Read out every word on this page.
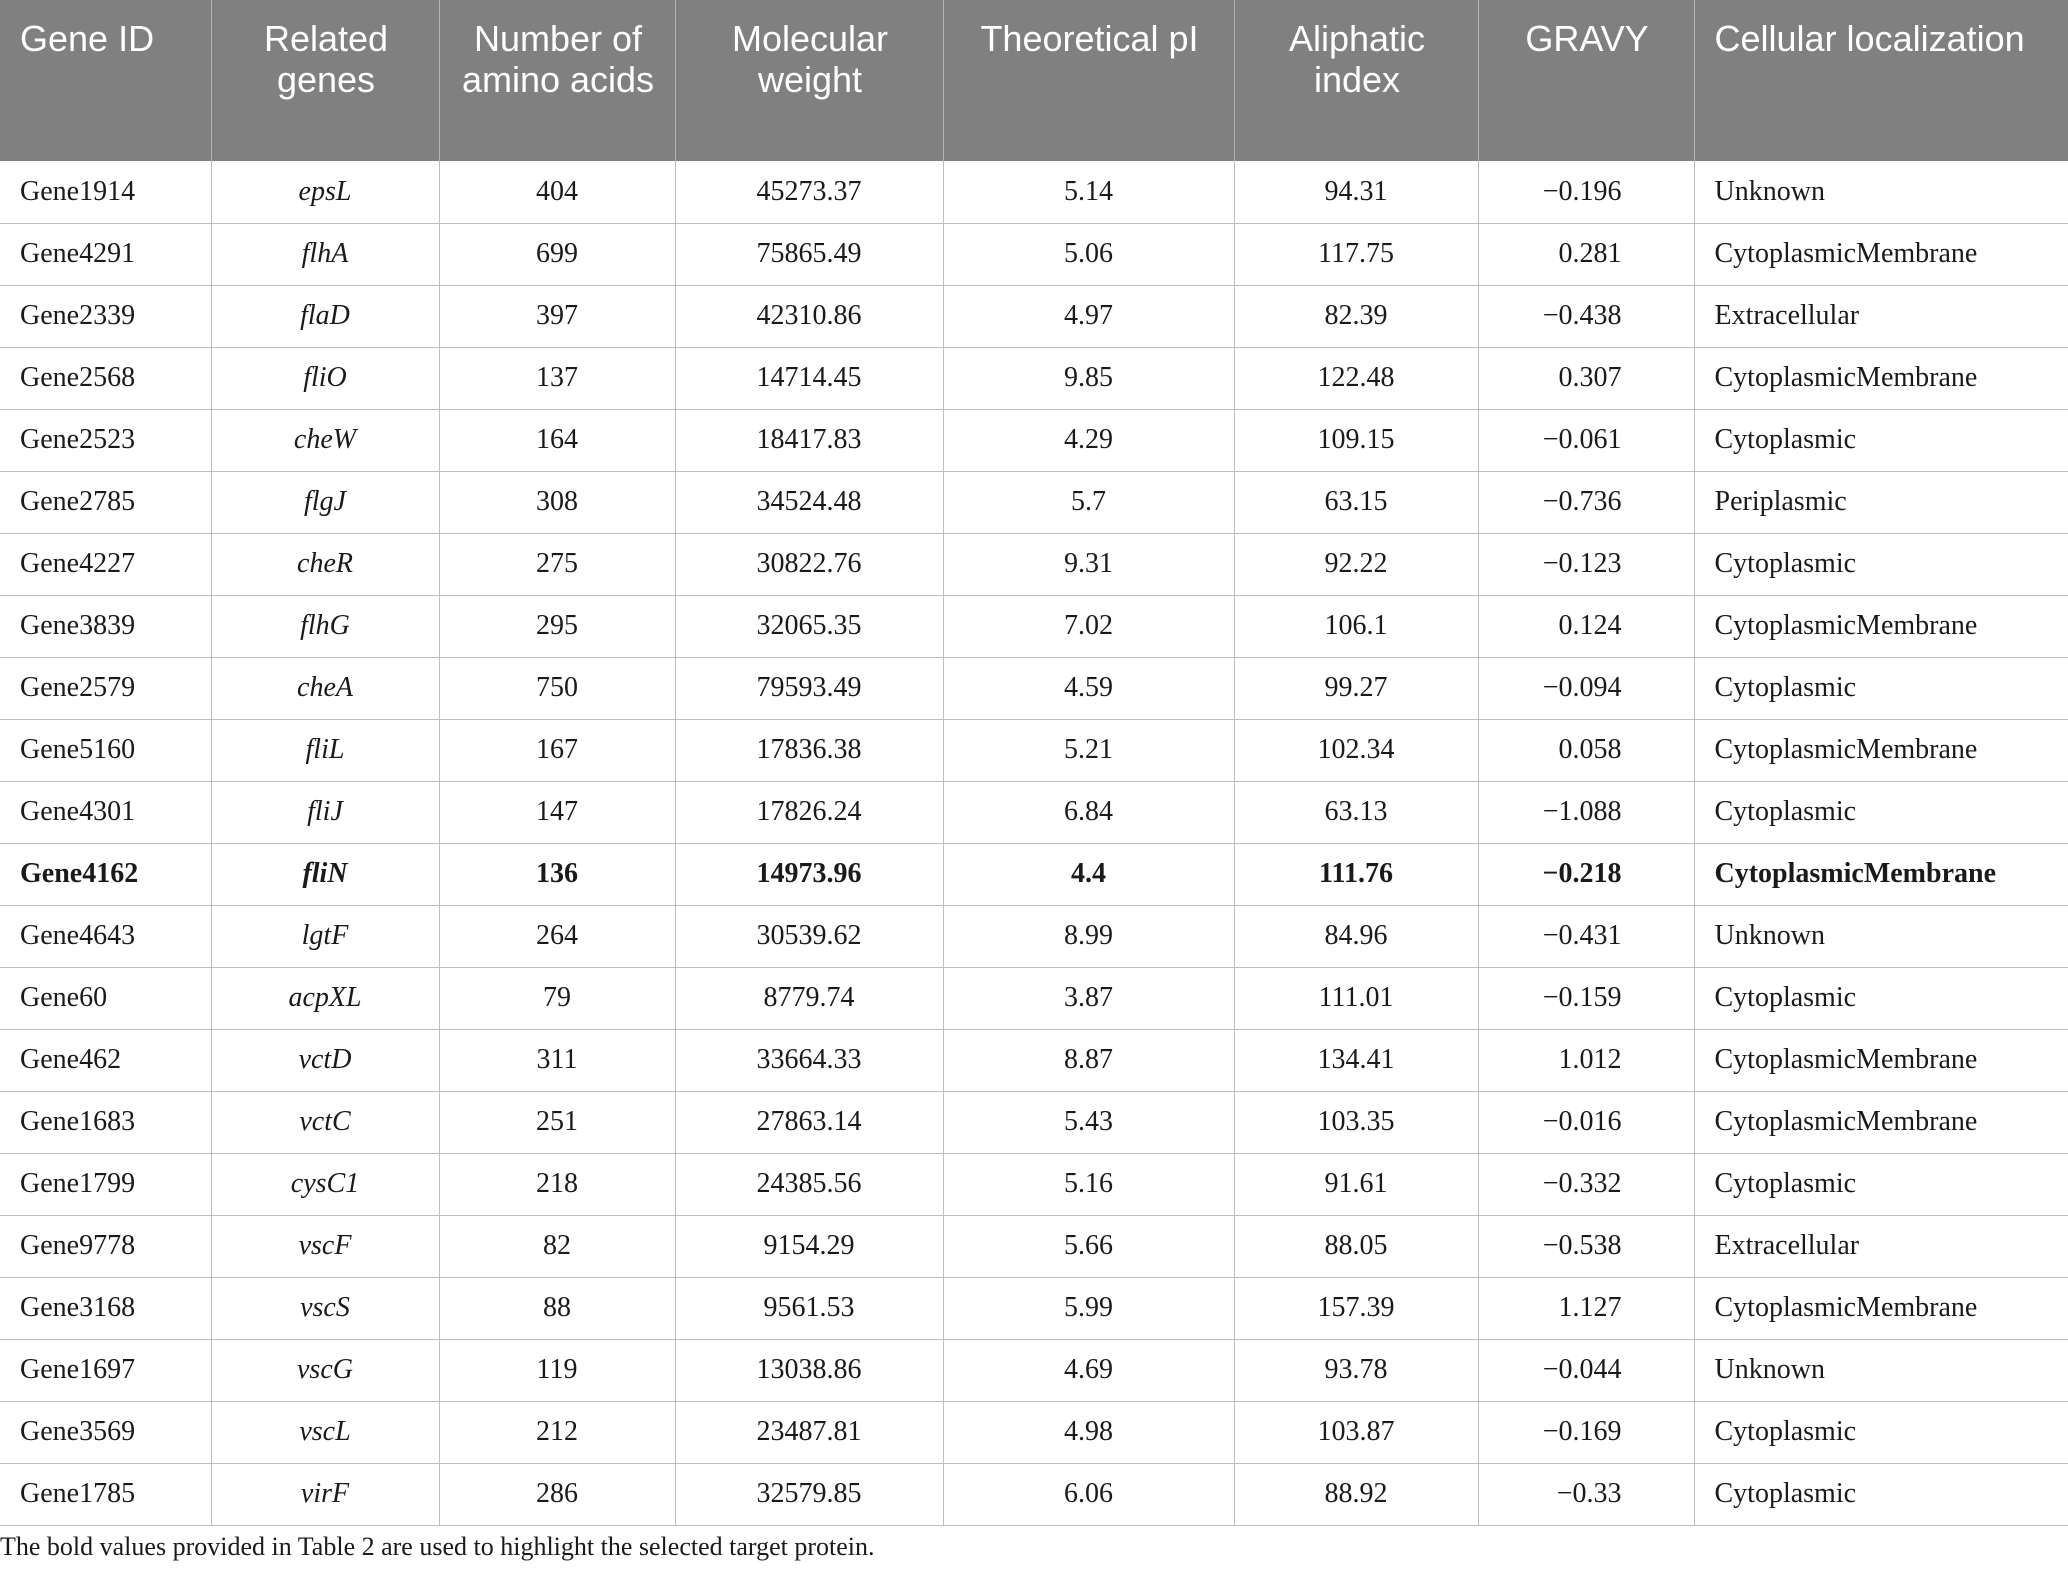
Gene ID	Related genes	Number of amino acids	Molecular weight	Theoretical pI	Aliphatic index	GRAVY	Cellular localization
Gene1914	epsL	404	45273.37	5.14	94.31	−0.196	Unknown
Gene4291	flhA	699	75865.49	5.06	117.75	0.281	CytoplasmicMembrane
Gene2339	flaD	397	42310.86	4.97	82.39	−0.438	Extracellular
Gene2568	fliO	137	14714.45	9.85	122.48	0.307	CytoplasmicMembrane
Gene2523	cheW	164	18417.83	4.29	109.15	−0.061	Cytoplasmic
Gene2785	flgJ	308	34524.48	5.7	63.15	−0.736	Periplasmic
Gene4227	cheR	275	30822.76	9.31	92.22	−0.123	Cytoplasmic
Gene3839	flhG	295	32065.35	7.02	106.1	0.124	CytoplasmicMembrane
Gene2579	cheA	750	79593.49	4.59	99.27	−0.094	Cytoplasmic
Gene5160	fliL	167	17836.38	5.21	102.34	0.058	CytoplasmicMembrane
Gene4301	fliJ	147	17826.24	6.84	63.13	−1.088	Cytoplasmic
Gene4162	fliN	136	14973.96	4.4	111.76	−0.218	CytoplasmicMembrane
Gene4643	lgtF	264	30539.62	8.99	84.96	−0.431	Unknown
Gene60	acpXL	79	8779.74	3.87	111.01	−0.159	Cytoplasmic
Gene462	vctD	311	33664.33	8.87	134.41	1.012	CytoplasmicMembrane
Gene1683	vctC	251	27863.14	5.43	103.35	−0.016	CytoplasmicMembrane
Gene1799	cysC1	218	24385.56	5.16	91.61	−0.332	Cytoplasmic
Gene9778	vscF	82	9154.29	5.66	88.05	−0.538	Extracellular
Gene3168	vscS	88	9561.53	5.99	157.39	1.127	CytoplasmicMembrane
Gene1697	vscG	119	13038.86	4.69	93.78	−0.044	Unknown
Gene3569	vscL	212	23487.81	4.98	103.87	−0.169	Cytoplasmic
Gene1785	virF	286	32579.85	6.06	88.92	−0.33	Cytoplasmic
The bold values provided in Table 2 are used to highlight the selected target protein.
